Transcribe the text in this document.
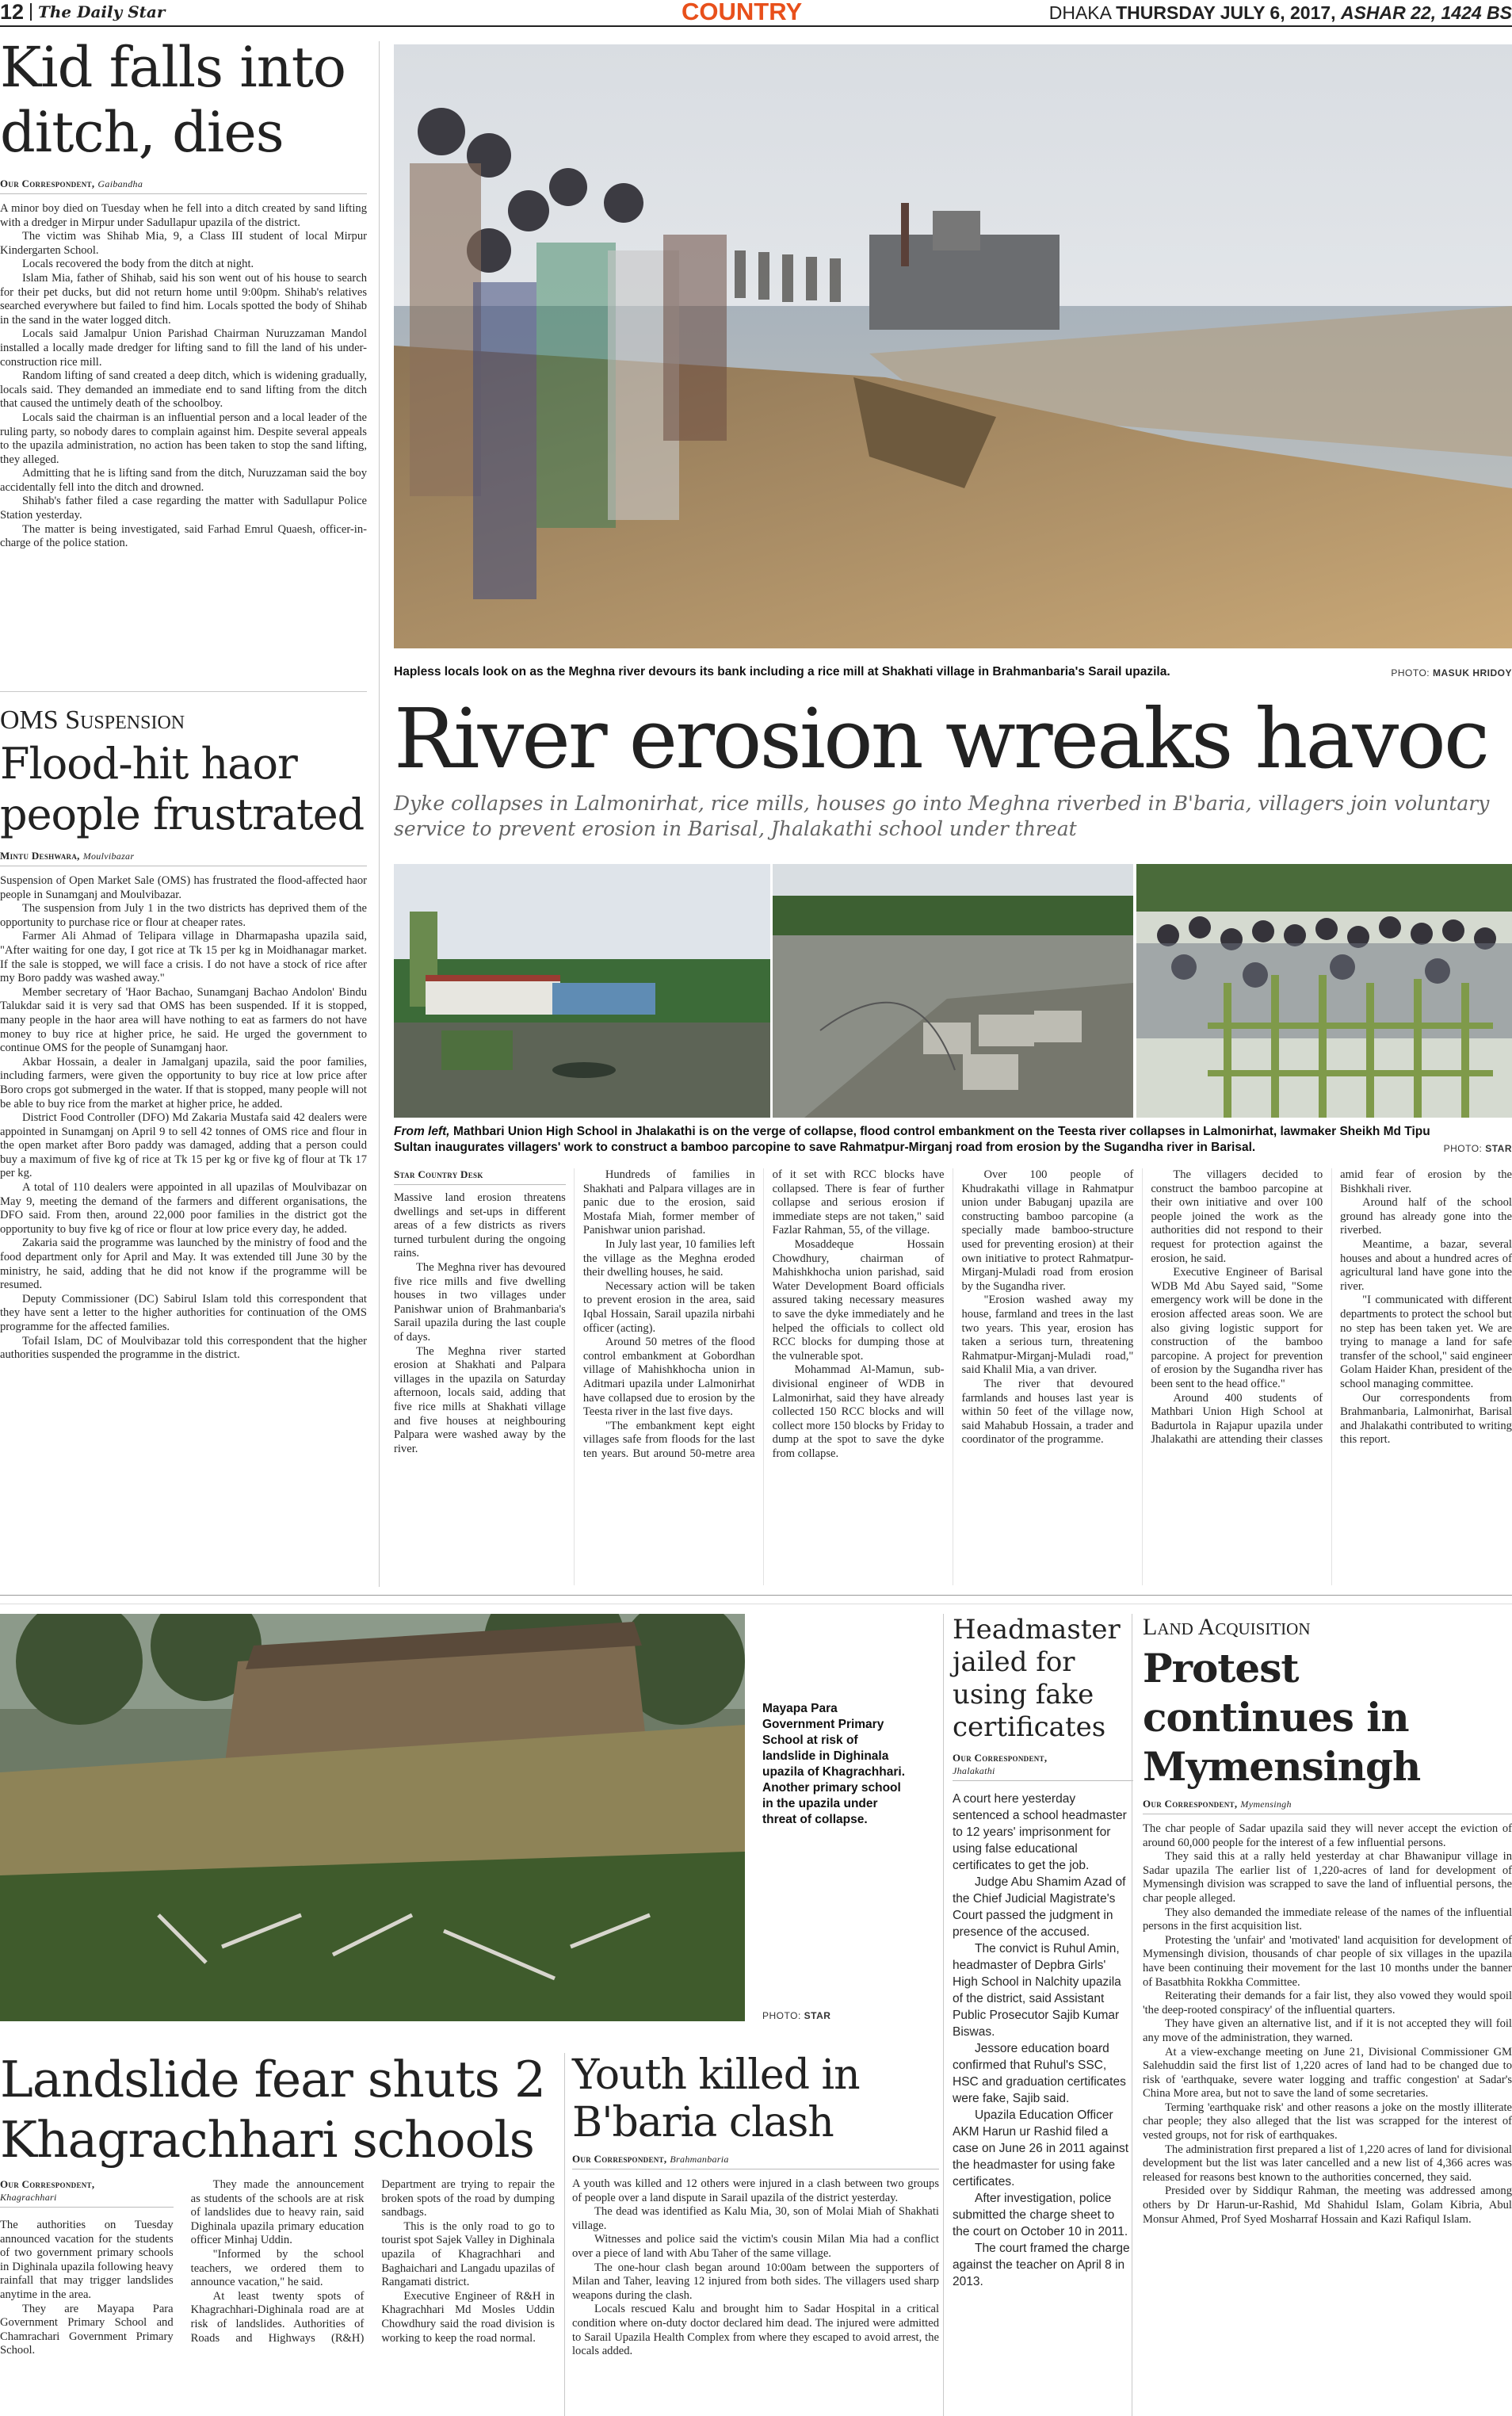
12 The Daily Star	COUNTRY	DHAKA THURSDAY JULY 6, 2017, ASHAR 22, 1424 BS
Kid falls into ditch, dies
Our Correspondent, Gaibandha

A minor boy died on Tuesday when he fell into a ditch created by sand lifting with a dredger in Mirpur under Sadullapur upazila of the district.

The victim was Shihab Mia, 9, a Class III student of local Mirpur Kindergarten School.

Locals recovered the body from the ditch at night.

Islam Mia, father of Shihab, said his son went out of his house to search for their pet ducks, but did not return home until 9:00pm. Shihab's relatives searched everywhere but failed to find him. Locals spotted the body of Shihab in the sand in the water logged ditch.

Locals said Jamalpur Union Parishad Chairman Nuruzzaman Mandol installed a locally made dredger for lifting sand to fill the land of his under-construction rice mill.

Random lifting of sand created a deep ditch, which is widening gradually, locals said. They demanded an immediate end to sand lifting from the ditch that caused the untimely death of the schoolboy.

Locals said the chairman is an influential person and a local leader of the ruling party, so nobody dares to complain against him. Despite several appeals to the upazila administration, no action has been taken to stop the sand lifting, they alleged.

Admitting that he is lifting sand from the ditch, Nuruzzaman said the boy accidentally fell into the ditch and drowned.

Shihab's father filed a case regarding the matter with Sadullapur Police Station yesterday.

The matter is being investigated, said Farhad Emrul Quaesh, officer-in-charge of the police station.

OMS Suspension
Flood-hit haor people frustrated
Mintu Deshwara, Moulvibazar

Suspension of Open Market Sale (OMS) has frustrated the flood-affected haor people in Sunamganj and Moulvibazar.

The suspension from July 1 in the two districts has deprived them of the opportunity to purchase rice or flour at cheaper rates.

Farmer Ali Ahmad of Telipara village in Dharmapasha upazila said, "After waiting for one day, I got rice at Tk 15 per kg in Moidhanagar market. If the sale is stopped, we will face a crisis. I do not have a stock of rice after my Boro paddy was washed away."

Member secretary of 'Haor Bachao, Sunamganj Bachao Andolon' Bindu Talukdar said it is very sad that OMS has been suspended. If it is stopped, many people in the haor area will have nothing to eat as farmers do not have money to buy rice at higher price, he said. He urged the government to continue OMS for the people of Sunamganj haor.

Akbar Hossain, a dealer in Jamalganj upazila, said the poor families, including farmers, were given the opportunity to buy rice at low price after Boro crops got submerged in the water. If that is stopped, many people will not be able to buy rice from the market at higher price, he added.

District Food Controller (DFO) Md Zakaria Mustafa said 42 dealers were appointed in Sunamganj on April 9 to sell 42 tonnes of OMS rice and flour in the open market after Boro paddy was damaged, adding that a person could buy a maximum of five kg of rice at Tk 15 per kg or five kg of flour at Tk 17 per kg.

A total of 110 dealers were appointed in all upazilas of Moulvibazar on May 9, meeting the demand of the farmers and different organisations, the DFO said. From then, around 22,000 poor families in the district got the opportunity to buy five kg of rice or flour at low price every day, he added.

Zakaria said the programme was launched by the ministry of food and the food department only for April and May. It was extended till June 30 by the ministry, he said, adding that he did not know if the programme will be resumed.

Deputy Commissioner (DC) Sabirul Islam told this correspondent that they have sent a letter to the higher authorities for continuation of the OMS programme for the affected families.

Tofail Islam, DC of Moulvibazar told this correspondent that the higher authorities suspended the programme in the district.

Hapless locals look on as the Meghna river devours its bank including a rice mill at Shakhati village in Brahmanbaria's Sarail upazila.	PHOTO: MASUK HRIDOY
River erosion wreaks havoc
Dyke collapses in Lalmonirhat, rice mills, houses go into Meghna riverbed in B'baria, villagers join voluntary service to prevent erosion in Barisal, Jhalakathi school under threat
From left, Mathbari Union High School in Jhalakathi is on the verge of collapse, flood control embankment on the Teesta river collapses in Lalmonirhat, lawmaker Sheikh Md Tipu Sultan inaugurates villagers' work to construct a bamboo parcopine to save Rahmatpur-Mirganj road from erosion by the Sugandha river in Barisal.	PHOTO: STAR
Star Country Desk

Massive land erosion threatens dwellings and set-ups in different areas of a few districts as rivers turned turbulent during the ongoing rains.

The Meghna river has devoured five rice mills and five dwelling houses in two villages under Panishwar union of Brahmanbaria's Sarail upazila during the last couple of days.

The Meghna river started erosion at Shakhati and Palpara villages in the upazila on Saturday afternoon, locals said, adding that five rice mills at Shakhati village and five houses at neighbouring Palpara were washed away by the river.

Hundreds of families in Shakhati and Palpara villages are in panic due to the erosion, said Mostafa Miah, former member of Panishwar union parishad.

In July last year, 10 families left the village as the Meghna eroded their dwelling houses, he said.

Necessary action will be taken to prevent erosion in the area, said Iqbal Hossain, Sarail upazila nirbahi officer (acting).

Around 50 metres of the flood control embankment at Gobordhan village of Mahishkhocha union in Aditmari upazila under Lalmonirhat have collapsed due to erosion by the Teesta river in the last five days.

"The embankment kept eight villages safe from floods for the last ten years. But around 50-metre area of it set with RCC blocks have collapsed. There is fear of further collapse and serious erosion if immediate steps are not taken," said Fazlar Rahman, 55, of the village.

Mosaddeque Hossain Chowdhury, chairman of Mahishkhocha union parishad, said Water Development Board officials assured taking necessary measures to save the dyke immediately and he helped the officials to collect old RCC blocks for dumping those at the vulnerable spot.

Mohammad Al-Mamun, sub-divisional engineer of WDB in Lalmonirhat, said they have already collected 150 RCC blocks and will collect more 150 blocks by Friday to dump at the spot to save the dyke from collapse.

Over 100 people of Khudrakathi village in Rahmatpur union under Babuganj upazila are constructing bamboo parcopine (a specially made bamboo-structure used for preventing erosion) at their own initiative to protect Rahmatpur-Mirganj-Muladi road from erosion by the Sugandha river.

"Erosion washed away my house, farmland and trees in the last two years. This year, erosion has taken a serious turn, threatening Rahmatpur-Mirganj-Muladi road," said Khalil Mia, a van driver.

The river that devoured farmlands and houses last year is within 50 feet of the village now, said Mahabub Hossain, a trader and coordinator of the programme.

The villagers decided to construct the bamboo parcopine at their own initiative and over 100 people joined the work as the authorities did not respond to their request for protection against the erosion, he said.

Executive Engineer of Barisal WDB Md Abu Sayed said, "Some emergency work will be done in the erosion affected areas soon. We are also giving logistic support for construction of the bamboo parcopine. A project for prevention of erosion by the Sugandha river has been sent to the head office."

Around 400 students of Mathbari Union High School at Badurtola in Rajapur upazila under Jhalakathi are attending their classes amid fear of erosion by the Bishkhali river.

Around half of the school ground has already gone into the riverbed.

Meantime, a bazar, several houses and about a hundred acres of agricultural land have gone into the river.

"I communicated with different departments to protect the school but no step has been taken yet. We are trying to manage a land for safe transfer of the school," said engineer Golam Haider Khan, president of the school managing committee.

Our correspondents from Brahmanbaria, Lalmonirhat, Barisal and Jhalakathi contributed to writing this report.

Mayapa Para Government Primary School at risk of landslide in Dighinala upazila of Khagrachhari. Another primary school in the upazila under threat of collapse.
PHOTO: STAR
Landslide fear shuts 2 Khagrachhari schools
Our Correspondent,
Khagrachhari

The authorities on Tuesday announced vacation for the students of two government primary schools in Dighinala upazila following heavy rainfall that may trigger landslides anytime in the area.

They are Mayapa Para Government Primary School and Chamrachari Government Primary School.

They made the announcement as students of the schools are at risk of landslides due to heavy rain, said Dighinala upazila primary education officer Minhaj Uddin.

"Informed by the school teachers, we ordered them to announce vacation," he said.

At least twenty spots of Khagrachhari-Dighinala road are at risk of landslides. Authorities of Roads and Highways (R&H) Department are trying to repair the broken spots of the road by dumping sandbags.

This is the only road to go to tourist spot Sajek Valley in Dighinala upazila of Khagrachhari and Baghaichari and Langadu upazilas of Rangamati district.

Executive Engineer of R&H in Khagrachhari Md Mosles Uddin Chowdhury said the road division is working to keep the road normal.

Youth killed in B'baria clash
Our Correspondent, Brahmanbaria

A youth was killed and 12 others were injured in a clash between two groups of people over a land dispute in Sarail upazila of the district yesterday.

The dead was identified as Kalu Mia, 30, son of Molai Miah of Shakhati village.

Witnesses and police said the victim's cousin Milan Mia had a conflict over a piece of land with Abu Taher of the same village.

The one-hour clash began around 10:00am between the supporters of Milan and Taher, leaving 12 injured from both sides. The villagers used sharp weapons during the clash.

Locals rescued Kalu and brought him to Sadar Hospital in a critical condition where on-duty doctor declared him dead. The injured were admitted to Sarail Upazila Health Complex from where they escaped to avoid arrest, the locals added.

Headmaster jailed for using fake certificates
Our Correspondent,
Jhalakathi

A court here yesterday sentenced a school headmaster to 12 years' imprisonment for using false educational certificates to get the job.

Judge Abu Shamim Azad of the Chief Judicial Magistrate's Court passed the judgment in presence of the accused.

The convict is Ruhul Amin, headmaster of Depbra Girls' High School in Nalchity upazila of the district, said Assistant Public Prosecutor Sajib Kumar Biswas.

Jessore education board confirmed that Ruhul's SSC, HSC and graduation certificates were fake, Sajib said.

Upazila Education Officer AKM Harun ur Rashid filed a case on June 26 in 2011 against the headmaster for using fake certificates.

After investigation, police submitted the charge sheet to the court on October 10 in 2011.

The court framed the charge against the teacher on April 8 in 2013.

Land Acquisition
Protest continues in Mymensingh
Our Correspondent, Mymensingh

The char people of Sadar upazila said they will never accept the eviction of around 60,000 people for the interest of a few influential persons.

They said this at a rally held yesterday at char Bhawanipur village in Sadar upazila The earlier list of 1,220-acres of land for development of Mymensingh division was scrapped to save the land of influential persons, the char people alleged.

They also demanded the immediate release of the names of the influential persons in the first acquisition list.

Protesting the 'unfair' and 'motivated' land acquisition for development of Mymensingh division, thousands of char people of six villages in the upazila have been continuing their movement for the last 10 months under the banner of Basatbhita Rokkha Committee.

Reiterating their demands for a fair list, they also vowed they would spoil 'the deep-rooted conspiracy' of the influential quarters.

They have given an alternative list, and if it is not accepted they will foil any move of the administration, they warned.

At a view-exchange meeting on June 21, Divisional Commissioner GM Salehuddin said the first list of 1,220 acres of land had to be changed due to risk of 'earthquake, severe water logging and traffic congestion' at Sadar's China More area, but not to save the land of some secretaries.

Terming 'earthquake risk' and other reasons a joke on the mostly illiterate char people; they also alleged that the list was scrapped for the interest of vested groups, not for risk of earthquakes.

The administration first prepared a list of 1,220 acres of land for divisional development but the list was later cancelled and a new list of 4,366 acres was released for reasons best known to the authorities concerned, they said.

Presided over by Siddiqur Rahman, the meeting was addressed among others by Dr Harun-ur-Rashid, Md Shahidul Islam, Golam Kibria, Abul Monsur Ahmed, Prof Syed Mosharraf Hossain and Kazi Rafiqul Islam.
